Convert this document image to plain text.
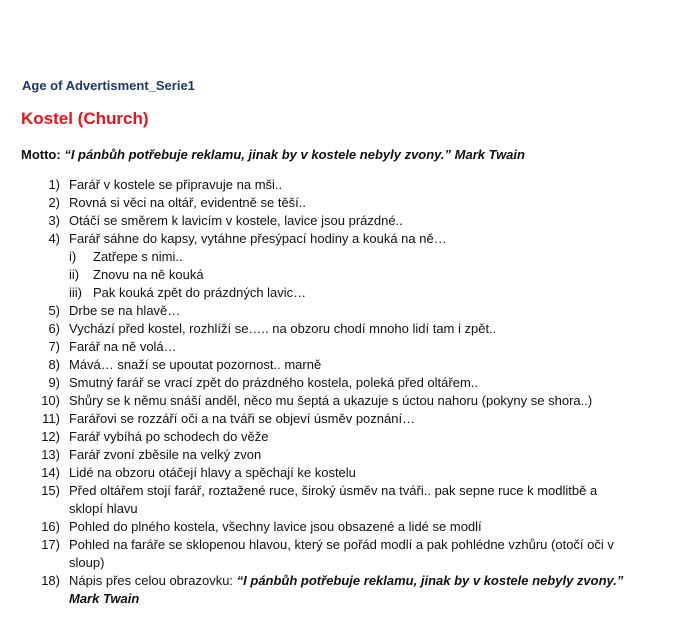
Age of Advertisment_Serie1
Kostel (Church)
Motto: “I pánbůh potřebuje reklamu, jinak by v kostele nebyly zvony.” Mark Twain
1) Farář v kostele se připravuje na mši..
2) Rovná si věci na oltář, evidentně se těší..
3) Otáčí se směrem k lavicím v kostele, lavice jsou prázdné..
4) Farář sáhne do kapsy, vytáhne přesýpací hodiny a kouká na ně…
i) Zatřepe s nimi..
ii) Znovu na ně kouká
iii) Pak kouká zpět do prázdných lavic…
5) Drbe se na hlavě…
6) Vychází před kostel, rozhlíží se….. na obzoru chodí mnoho lidí tam i zpět..
7) Farář na ně volá…
8) Mává… snaží se upoutat pozornost.. marně
9) Smutný farář se vrací zpět do prázdného kostela, poleká před oltářem..
10) Shůry se k němu snáší anděl, něco mu šeptá a ukazuje s úctou nahoru (pokyny se shora..)
11) Farářovi se rozzáří oči a na tváři se objeví úsměv poznání…
12) Farář vybíhá po schodech do věže
13) Farář zvoní zběsile na velký zvon
14) Lidé na obzoru otáčejí hlavy a spěchají ke kostelu
15) Před oltářem stojí farář, roztažené ruce, široký úsměv na tváři.. pak sepne ruce k modlitbě a sklopí hlavu
16) Pohled do plného kostela, všechny lavice jsou obsazené a lidé se modlí
17) Pohled na faráře se sklopenou hlavou, který se pořád modlí a pak pohlédne vzhůru (otočí oči v sloup)
18) Nápis přes celou obrazovku: “I pánbůh potřebuje reklamu, jinak by v kostele nebyly zvony.” Mark Twain
